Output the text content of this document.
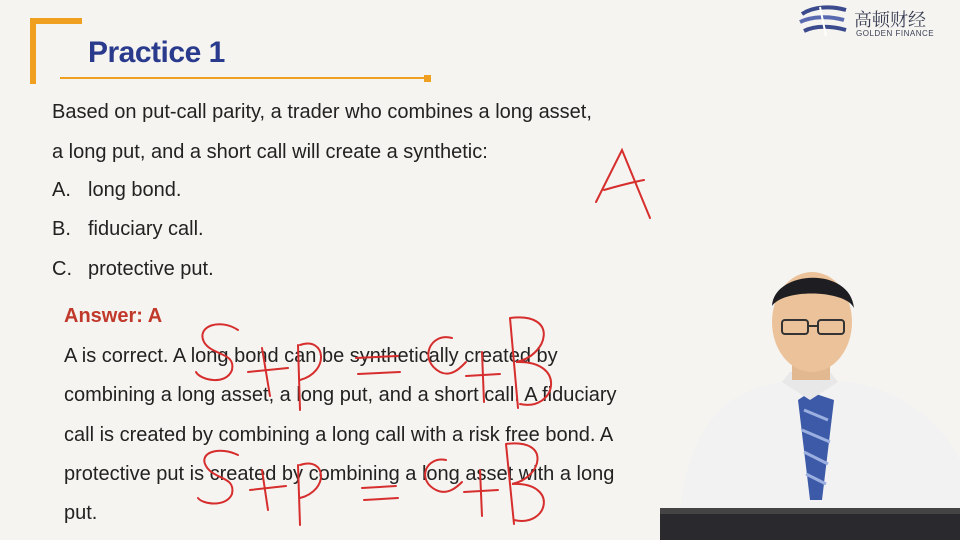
Practice 1
高顿财经
GOLDEN FINANCE
Based on put-call parity, a trader who combines a long asset,
a long put, and a short call will create a synthetic:
A. long bond.
B. fiduciary call.
C. protective put.
Answer: A
A is correct. A long bond can be synthetically created by
combining a long asset, a long put, and a short call. A fiduciary
call is created by combining a long call with a risk free bond. A
protective put is created by combining a long asset with a long
put.
